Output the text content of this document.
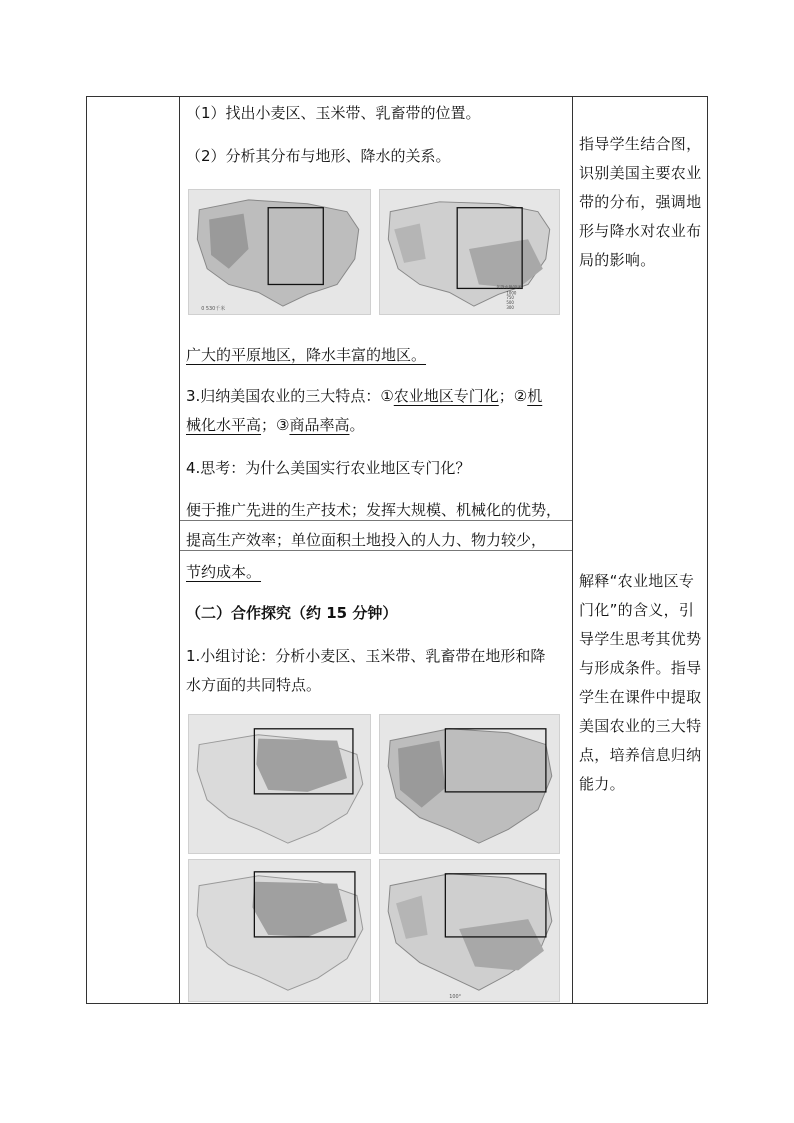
（1）找出小麦区、玉米带、乳畜带的位置。
（2）分析其分布与地形、降水的关系。
0 530千米
年降水量/毫米
1000
750
500
300
广大的平原地区，降水丰富的地区。
3.归纳美国农业的三大特点：①农业地区专门化；②机
械化水平高；③商品率高。
4.思考：为什么美国实行农业地区专门化？
便于推广先进的生产技术；发挥大规模、机械化的优势，
提高生产效率；单位面积土地投入的人力、物力较少，
节约成本。
（二）合作探究（约 15 分钟）
1.小组讨论：分析小麦区、玉米带、乳畜带在地形和降
水方面的共同特点。
100°
指导学生结合图，识别美国主要农业带的分布，强调地形与降水对农业布局的影响。
解释“农业地区专门化”的含义，引导学生思考其优势与形成条件。指导学生在课件中提取美国农业的三大特点，培养信息归纳能力。
